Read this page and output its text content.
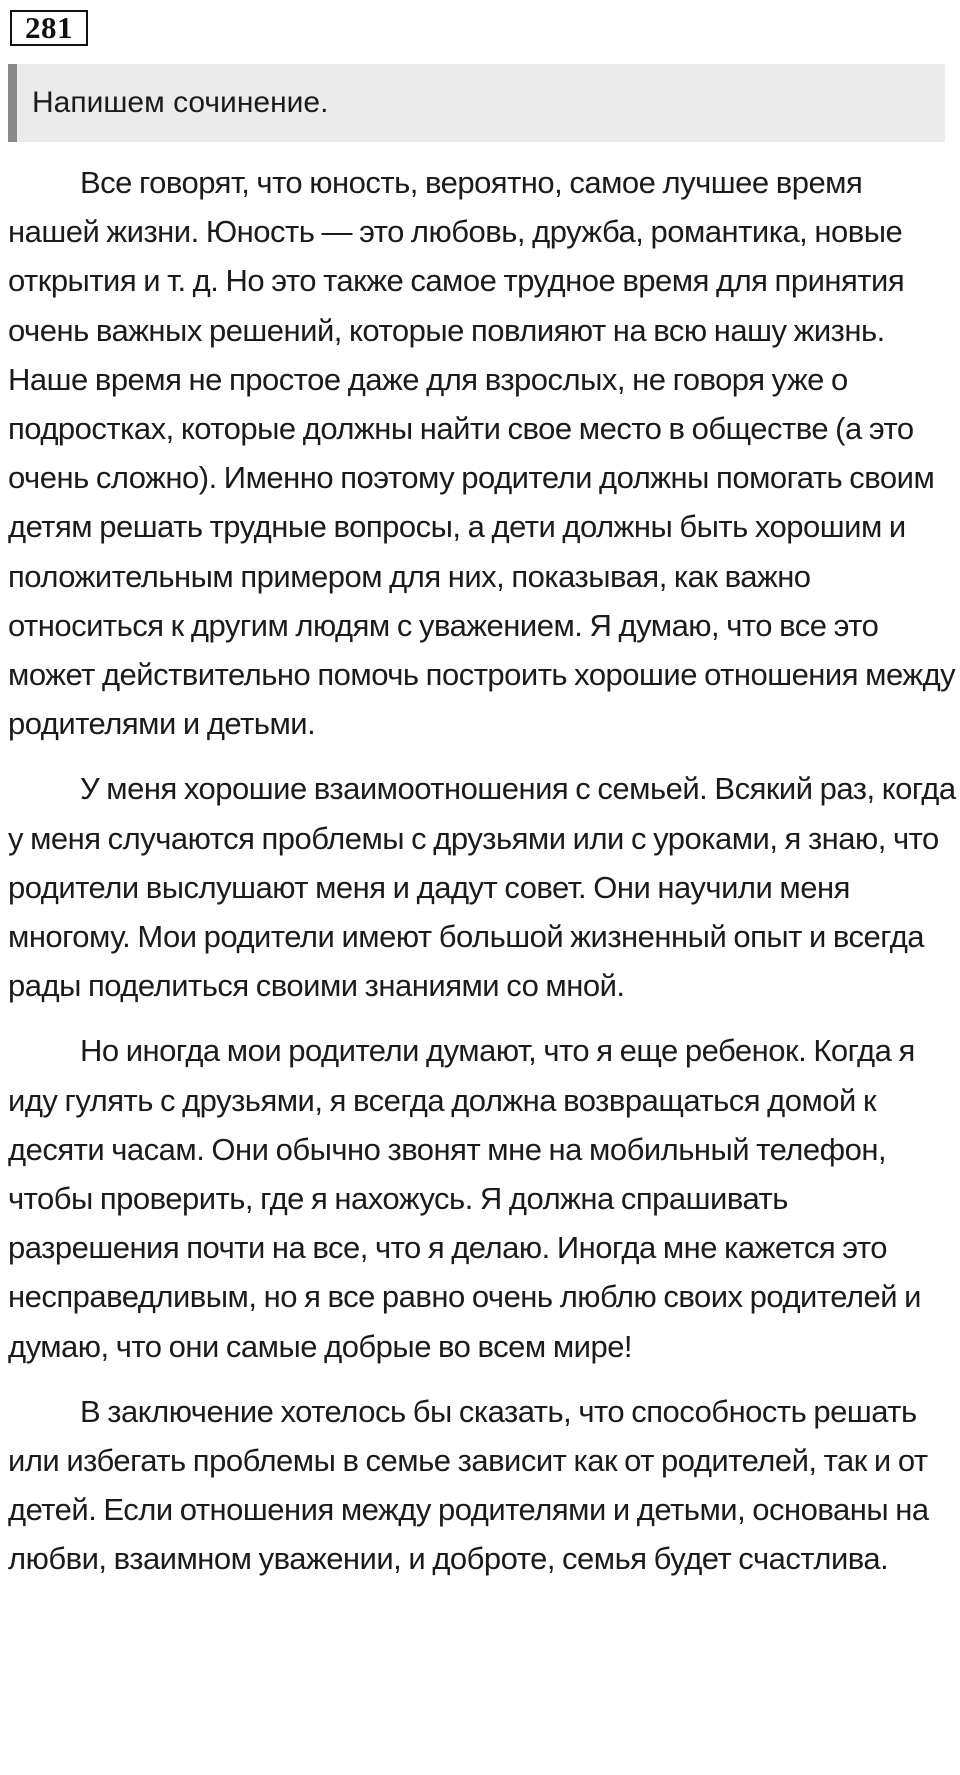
281
Напишем сочинение.

Все говорят, что юность, вероятно, самое лучшее время нашей жизни. Юность — это любовь, дружба, романтика, новые открытия и т. д. Но это также самое трудное время для принятия очень важных решений, которые повлияют на всю нашу жизнь. Наше время не простое даже для взрослых, не говоря уже о подростках, которые должны найти свое место в обществе (а это очень сложно). Именно поэтому родители должны помогать своим детям решать трудные вопросы, а дети должны быть хорошим и положительным примером для них, показывая, как важно относиться к другим людям с уважением. Я думаю, что все это может действительно помочь построить хорошие отношения между родителями и детьми.

У меня хорошие взаимоотношения с семьей. Всякий раз, когда у меня случаются проблемы с друзьями или с уроками, я знаю, что родители выслушают меня и дадут совет. Они научили меня многому. Мои родители имеют большой жизненный опыт и всегда рады поделиться своими знаниями со мной.

Но иногда мои родители думают, что я еще ребенок. Когда я иду гулять с друзьями, я всегда должна возвращаться домой к десяти часам. Они обычно звонят мне на мобильный телефон, чтобы проверить, где я нахожусь. Я должна спрашивать разрешения почти на все, что я делаю. Иногда мне кажется это несправедливым, но я все равно очень люблю своих родителей и думаю, что они самые добрые во всем мире!

В заключение хотелось бы сказать, что способность решать или избегать проблемы в семье зависит как от родителей, так и от детей. Если отношения между родителями и детьми, основаны на любви, взаимном уважении, и доброте, семья будет счастлива.
